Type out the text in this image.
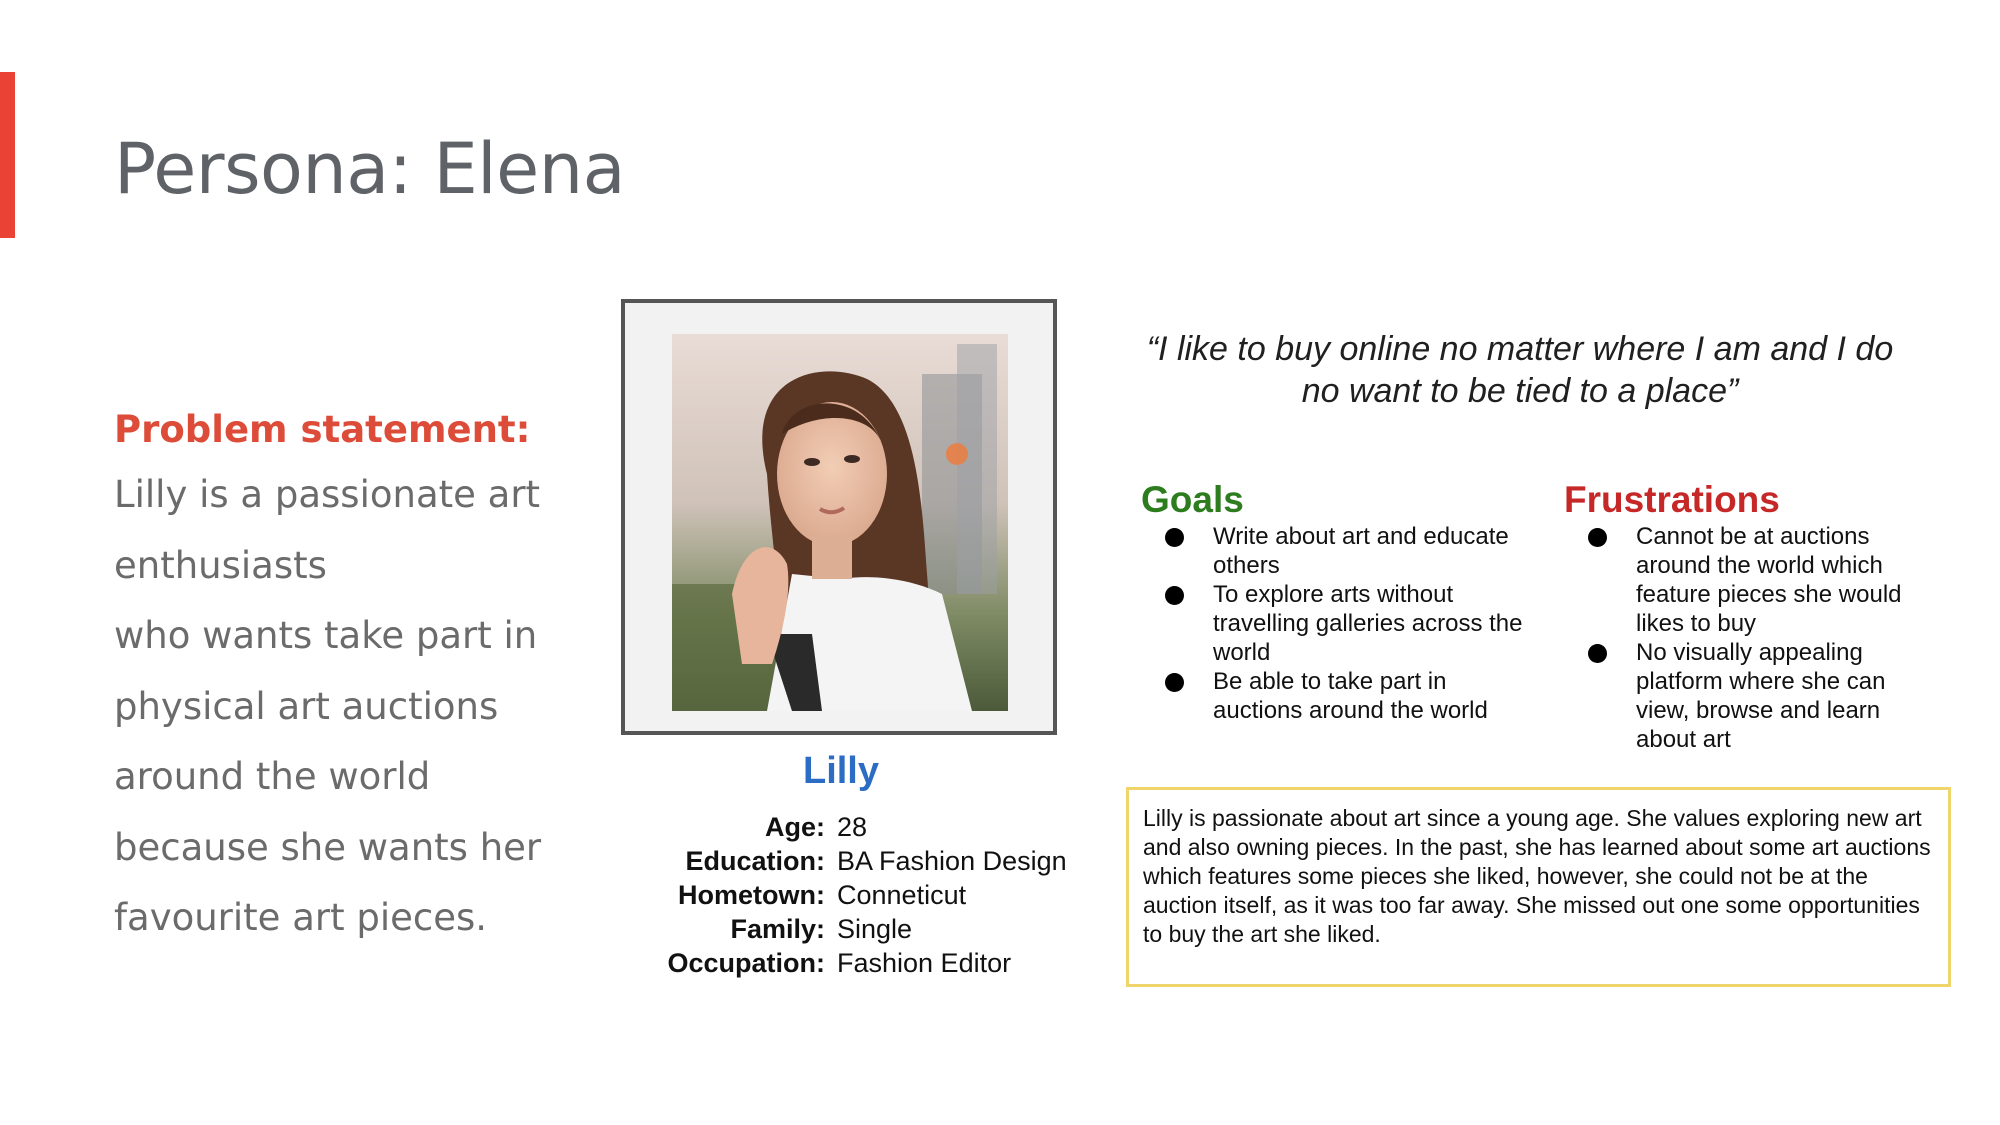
Persona: Elena
Problem statement:
Lilly is a passionate art
enthusiasts
who wants take part in
physical art auctions
around the world
because she wants her
favourite art pieces.
Lilly
Age: 28
Education: BA Fashion Design
Hometown: Conneticut
Family: Single
Occupation: Fashion Editor
“I like to buy online no matter where I am and I do no want to be tied to a place”
Goals
Write about art and educate others
To explore arts without travelling galleries across the world
Be able to take part in auctions around the world
Frustrations
Cannot be at auctions around the world which feature pieces she would likes to buy
No visually appealing platform where she can view, browse and learn about art
Lilly is passionate about art since a young age. She values exploring new art and also owning pieces. In the past, she has learned about some art auctions which features some pieces she liked, however, she could not be at the auction itself, as it was too far away. She missed out one some opportunities to buy the art she liked.
